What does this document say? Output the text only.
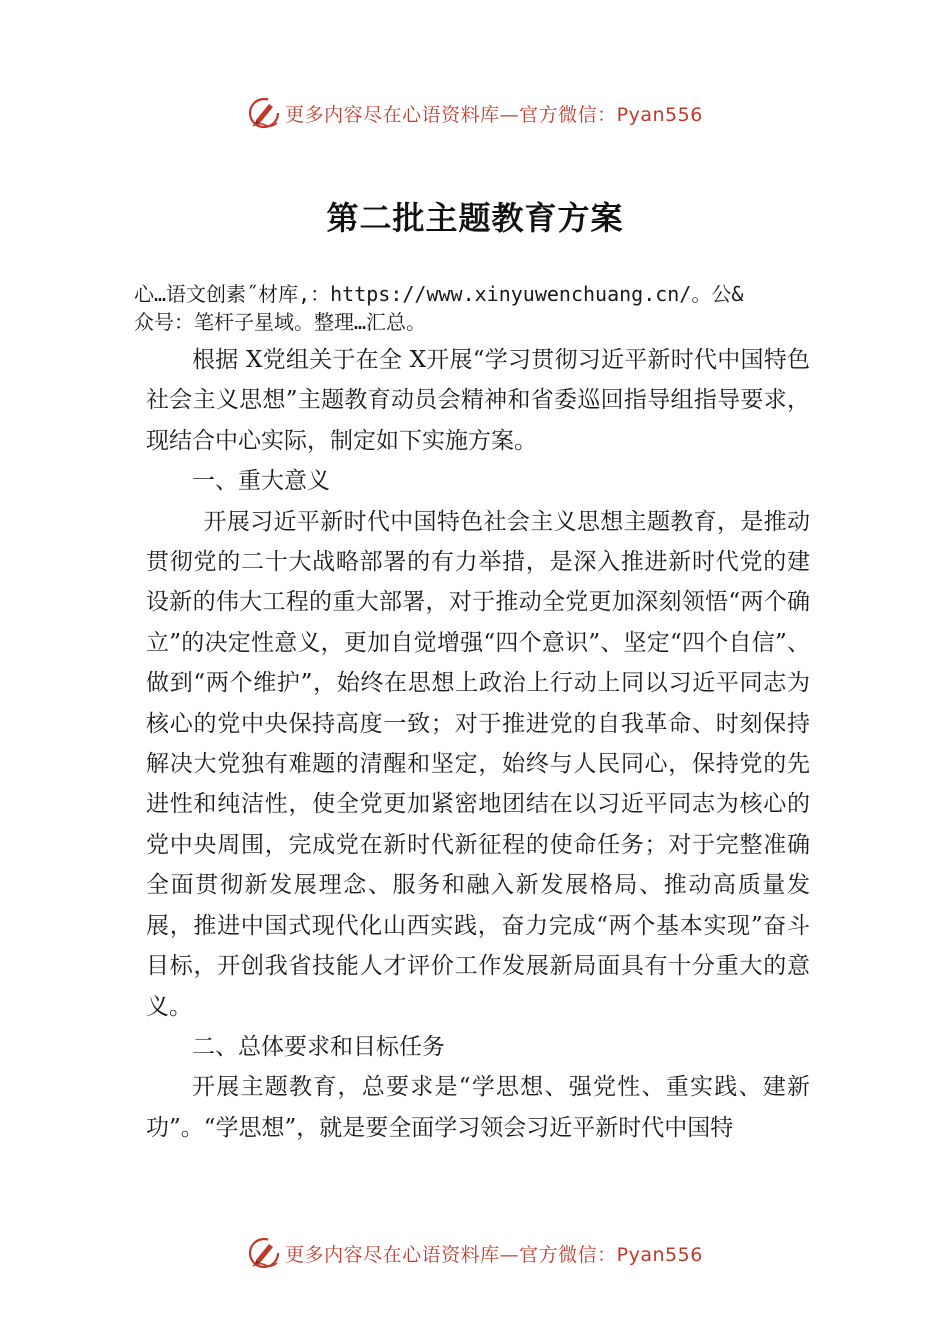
更多内容尽在心语资料库—官方微信：Pyan556
第二批主题教育方案
心…语文创素˝材库,：https://www.xinyuwenchuang.cn/。公&
众号：笔杆子星域。整理…汇总。

根据 X党组关于在全 X开展“学习贯彻习近平新时代中国特色社会主义思想”主题教育动员会精神和省委巡回指导组指导要求，现结合中心实际，制定如下实施方案。

一、重大意义

开展习近平新时代中国特色社会主义思想主题教育，是推动贯彻党的二十大战略部署的有力举措，是深入推进新时代党的建设新的伟大工程的重大部署，对于推动全党更加深刻领悟“两个确立”的决定性意义，更加自觉增强“四个意识”、坚定“四个自信”、做到“两个维护”，始终在思想上政治上行动上同以习近平同志为核心的党中央保持高度一致；对于推进党的自我革命、时刻保持解决大党独有难题的清醒和坚定，始终与人民同心，保持党的先进性和纯洁性，使全党更加紧密地团结在以习近平同志为核心的党中央周围，完成党在新时代新征程的使命任务；对于完整准确全面贯彻新发展理念、服务和融入新发展格局、推动高质量发展，推进中国式现代化山西实践，奋力完成“两个基本实现”奋斗目标，开创我省技能人才评价工作发展新局面具有十分重大的意义。

二、总体要求和目标任务

开展主题教育，总要求是“学思想、强党性、重实践、建新功”。“学思想”，就是要全面学习领会习近平新时代中国特

更多内容尽在心语资料库—官方微信：Pyan556
